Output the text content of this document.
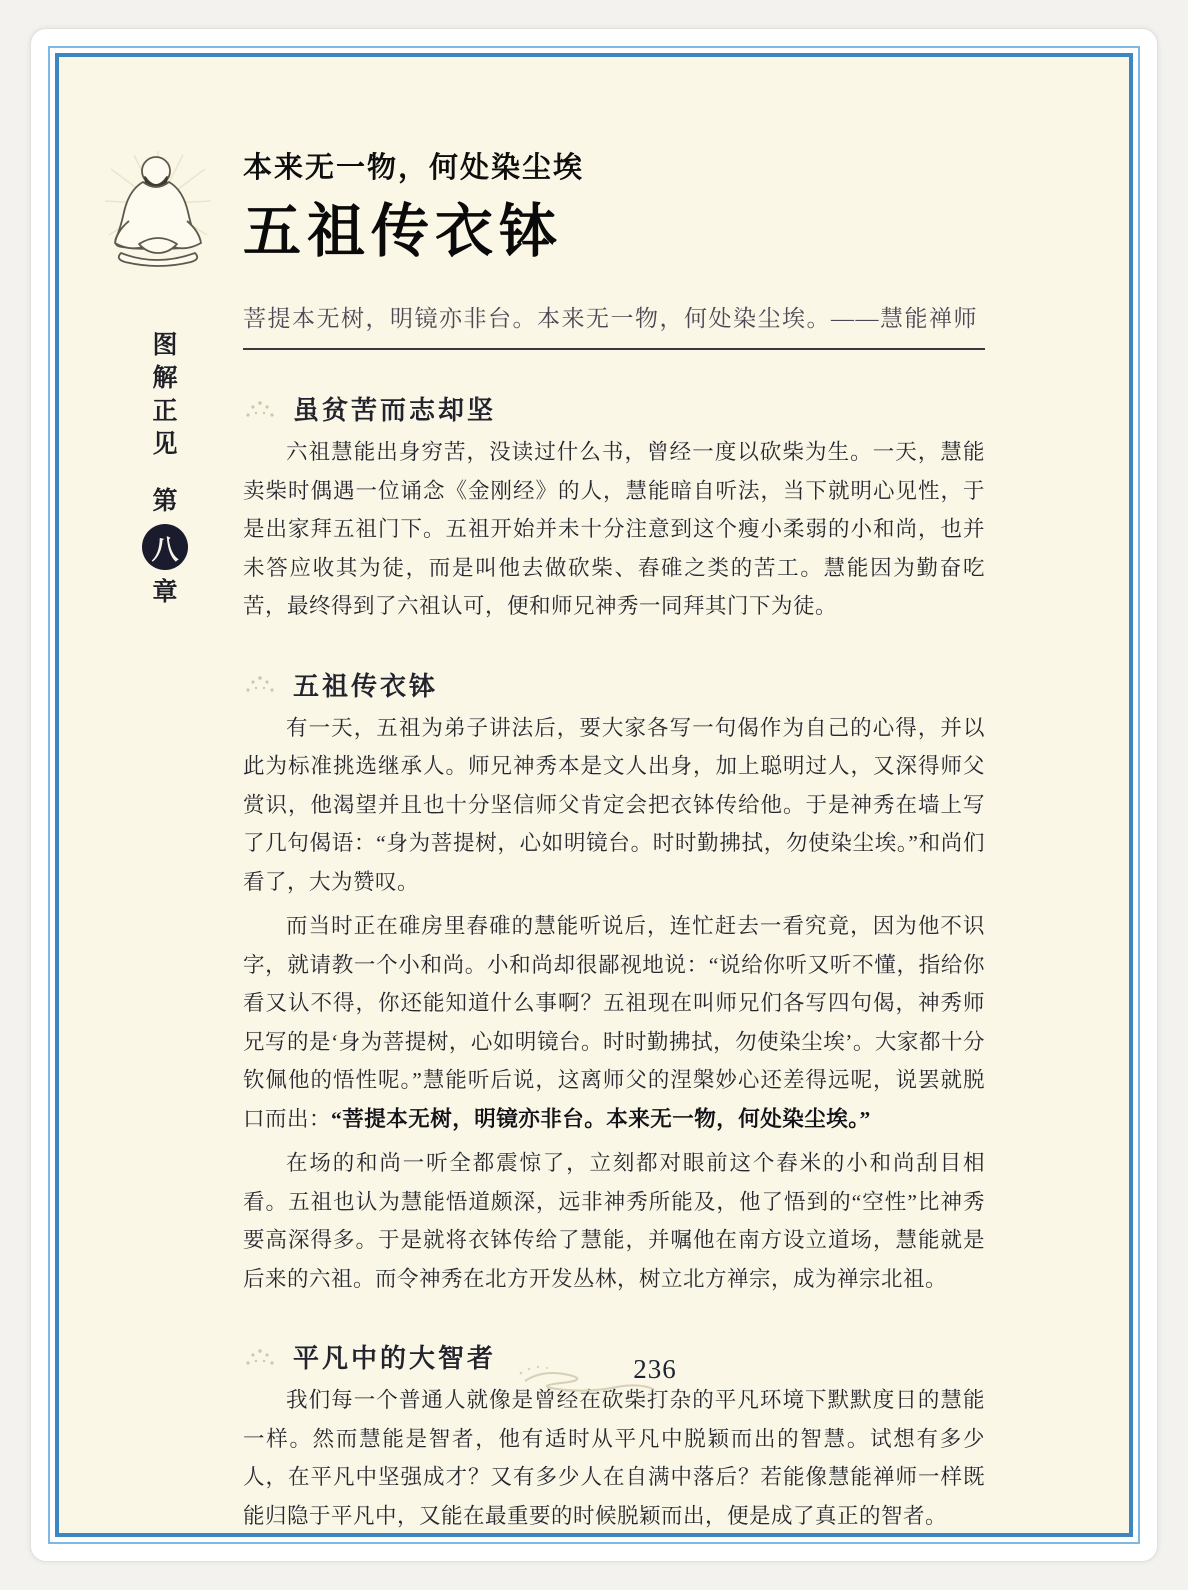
图
解
正
见
第
八
章
本来无一物，何处染尘埃
五祖传衣钵
菩提本无树，明镜亦非台。本来无一物，何处染尘埃。——慧能禅师
虽贫苦而志却坚

六祖慧能出身穷苦，没读过什么书，曾经一度以砍柴为生。一天，慧能卖柴时偶遇一位诵念《金刚经》的人，慧能暗自听法，当下就明心见性，于是出家拜五祖门下。五祖开始并未十分注意到这个瘦小柔弱的小和尚，也并未答应收其为徒，而是叫他去做砍柴、舂碓之类的苦工。慧能因为勤奋吃苦，最终得到了六祖认可，便和师兄神秀一同拜其门下为徒。

五祖传衣钵

有一天，五祖为弟子讲法后，要大家各写一句偈作为自己的心得，并以此为标准挑选继承人。师兄神秀本是文人出身，加上聪明过人，又深得师父赏识，他渴望并且也十分坚信师父肯定会把衣钵传给他。于是神秀在墙上写了几句偈语：“身为菩提树，心如明镜台。时时勤拂拭，勿使染尘埃。”和尚们看了，大为赞叹。

而当时正在碓房里舂碓的慧能听说后，连忙赶去一看究竟，因为他不识字，就请教一个小和尚。小和尚却很鄙视地说：“说给你听又听不懂，指给你看又认不得，你还能知道什么事啊？五祖现在叫师兄们各写四句偈，神秀师兄写的是‘身为菩提树，心如明镜台。时时勤拂拭，勿使染尘埃’。大家都十分钦佩他的悟性呢。”慧能听后说，这离师父的涅槃妙心还差得远呢，说罢就脱口而出：“菩提本无树，明镜亦非台。本来无一物，何处染尘埃。”

在场的和尚一听全都震惊了，立刻都对眼前这个舂米的小和尚刮目相看。五祖也认为慧能悟道颇深，远非神秀所能及，他了悟到的“空性”比神秀要高深得多。于是就将衣钵传给了慧能，并嘱他在南方设立道场，慧能就是后来的六祖。而令神秀在北方开发丛林，树立北方禅宗，成为禅宗北祖。

平凡中的大智者

我们每一个普通人就像是曾经在砍柴打杂的平凡环境下默默度日的慧能一样。然而慧能是智者，他有适时从平凡中脱颖而出的智慧。试想有多少人，在平凡中坚强成才？又有多少人在自满中落后？若能像慧能禅师一样既能归隐于平凡中，又能在最重要的时候脱颖而出，便是成了真正的智者。

236
